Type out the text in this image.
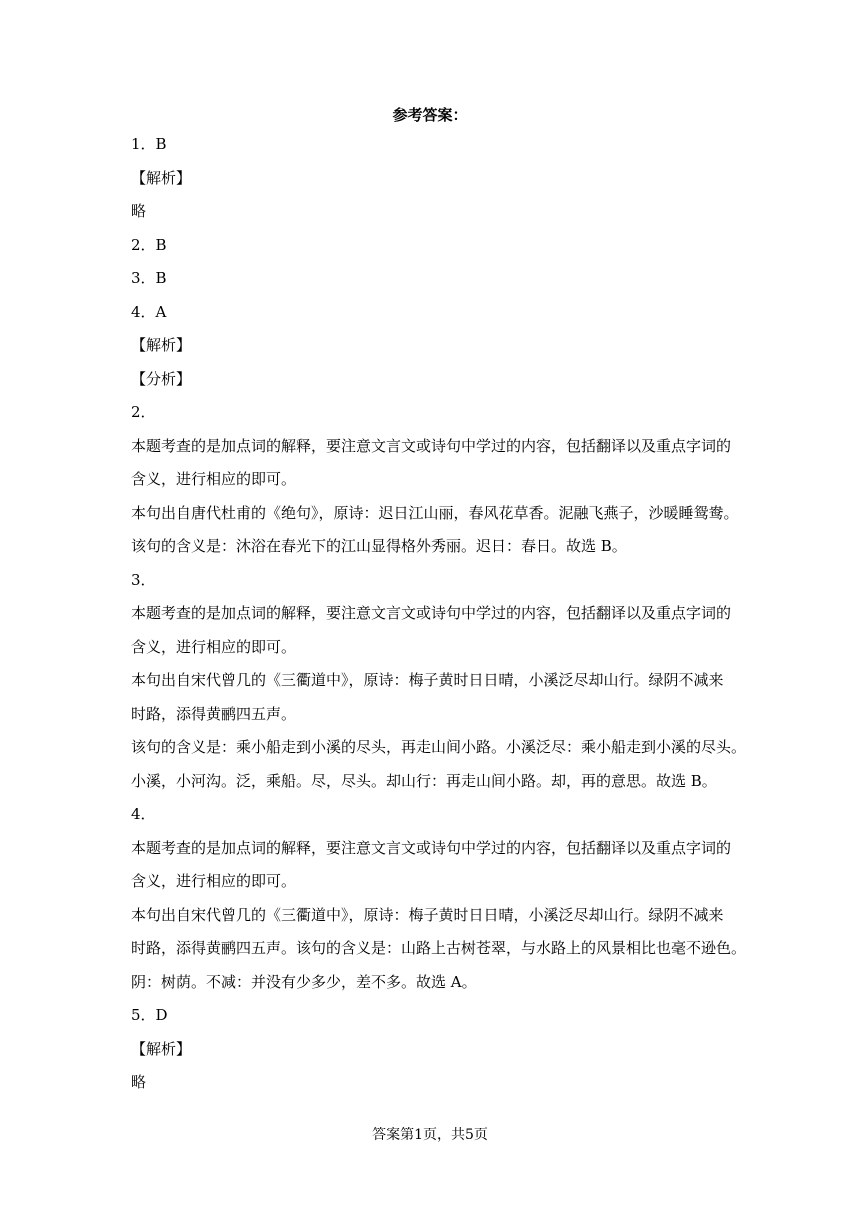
参考答案：
1．B
【解析】
略
2．B
3．B
4．A
【解析】
【分析】
2．
本题考查的是加点词的解释，要注意文言文或诗句中学过的内容，包括翻译以及重点字词的
含义，进行相应的即可。
本句出自唐代杜甫的《绝句》，原诗：迟日江山丽，春风花草香。泥融飞燕子，沙暖睡鸳鸯。
该句的含义是：沐浴在春光下的江山显得格外秀丽。迟日：春日。故选 B。
3．
本题考查的是加点词的解释，要注意文言文或诗句中学过的内容，包括翻译以及重点字词的
含义，进行相应的即可。
本句出自宋代曾几的《三衢道中》，原诗：梅子黄时日日晴，小溪泛尽却山行。绿阴不减来
时路，添得黄鹂四五声。
该句的含义是：乘小船走到小溪的尽头，再走山间小路。小溪泛尽：乘小船走到小溪的尽头。
小溪，小河沟。泛，乘船。尽，尽头。却山行：再走山间小路。却，再的意思。故选 B。
4．
本题考查的是加点词的解释，要注意文言文或诗句中学过的内容，包括翻译以及重点字词的
含义，进行相应的即可。
本句出自宋代曾几的《三衢道中》，原诗：梅子黄时日日晴，小溪泛尽却山行。绿阴不减来
时路，添得黄鹂四五声。该句的含义是：山路上古树苍翠，与水路上的风景相比也毫不逊色。
阴：树荫。不减：并没有少多少，差不多。故选 A。
5．D
【解析】
略
答案第1页，共5页
